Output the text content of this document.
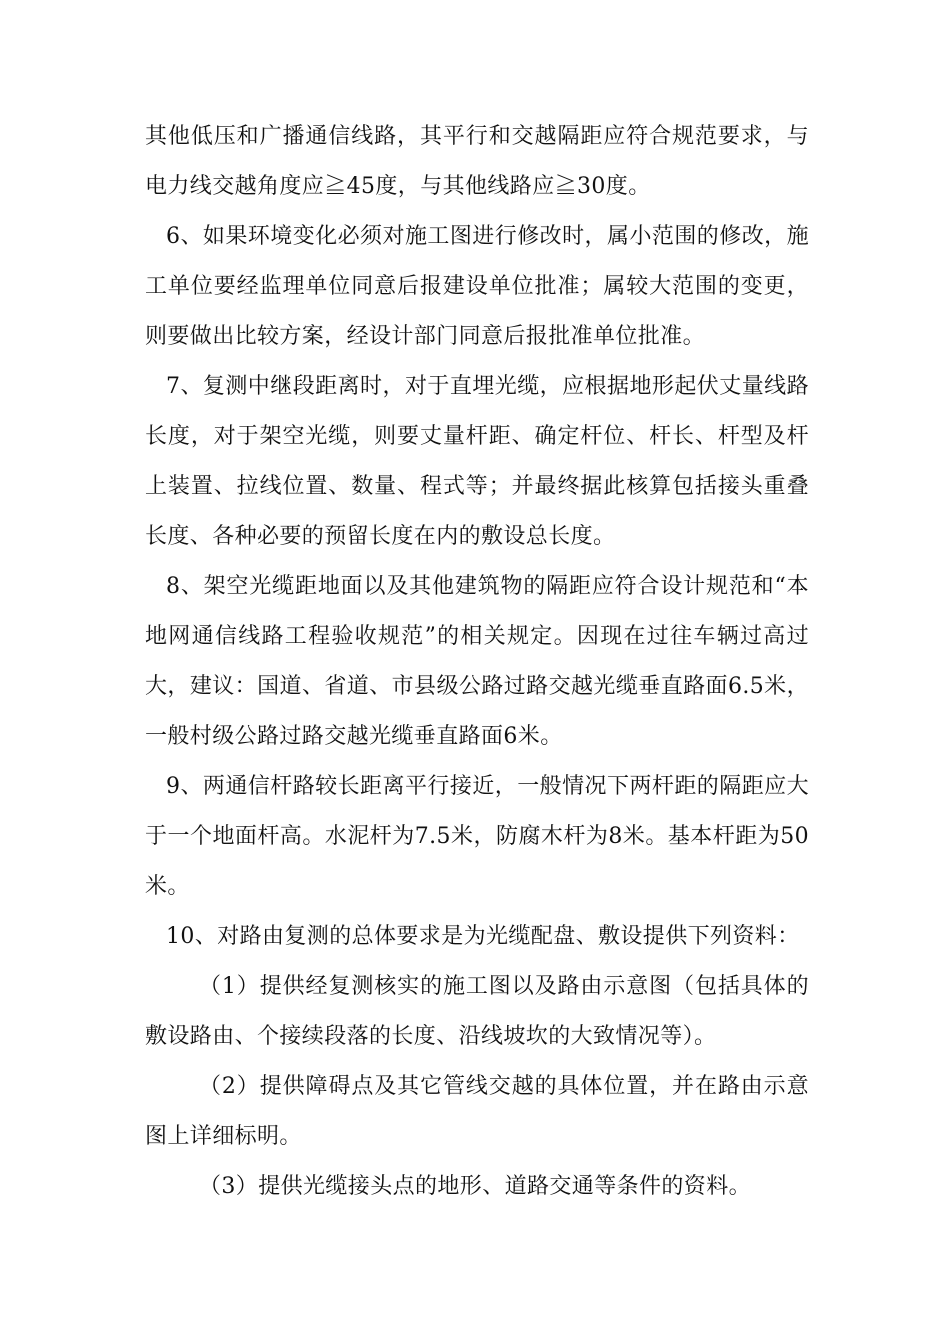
其他低压和广播通信线路，其平行和交越隔距应符合规范要求，与电力线交越角度应≧45度，与其他线路应≧30度。

6、如果环境变化必须对施工图进行修改时，属小范围的修改，施工单位要经监理单位同意后报建设单位批准；属较大范围的变更，则要做出比较方案，经设计部门同意后报批准单位批准。

7、复测中继段距离时，对于直埋光缆，应根据地形起伏丈量线路长度，对于架空光缆，则要丈量杆距、确定杆位、杆长、杆型及杆上装置、拉线位置、数量、程式等；并最终据此核算包括接头重叠长度、各种必要的预留长度在内的敷设总长度。

8、架空光缆距地面以及其他建筑物的隔距应符合设计规范和“本地网通信线路工程验收规范”的相关规定。因现在过往车辆过高过大，建议：国道、省道、市县级公路过路交越光缆垂直路面6.5米，一般村级公路过路交越光缆垂直路面6米。

9、两通信杆路较长距离平行接近，一般情况下两杆距的隔距应大于一个地面杆高。水泥杆为7.5米，防腐木杆为8米。基本杆距为50米。

10、对路由复测的总体要求是为光缆配盘、敷设提供下列资料：

（1）提供经复测核实的施工图以及路由示意图（包括具体的敷设路由、个接续段落的长度、沿线坡坎的大致情况等）。

（2）提供障碍点及其它管线交越的具体位置，并在路由示意图上详细标明。

（3）提供光缆接头点的地形、道路交通等条件的资料。
